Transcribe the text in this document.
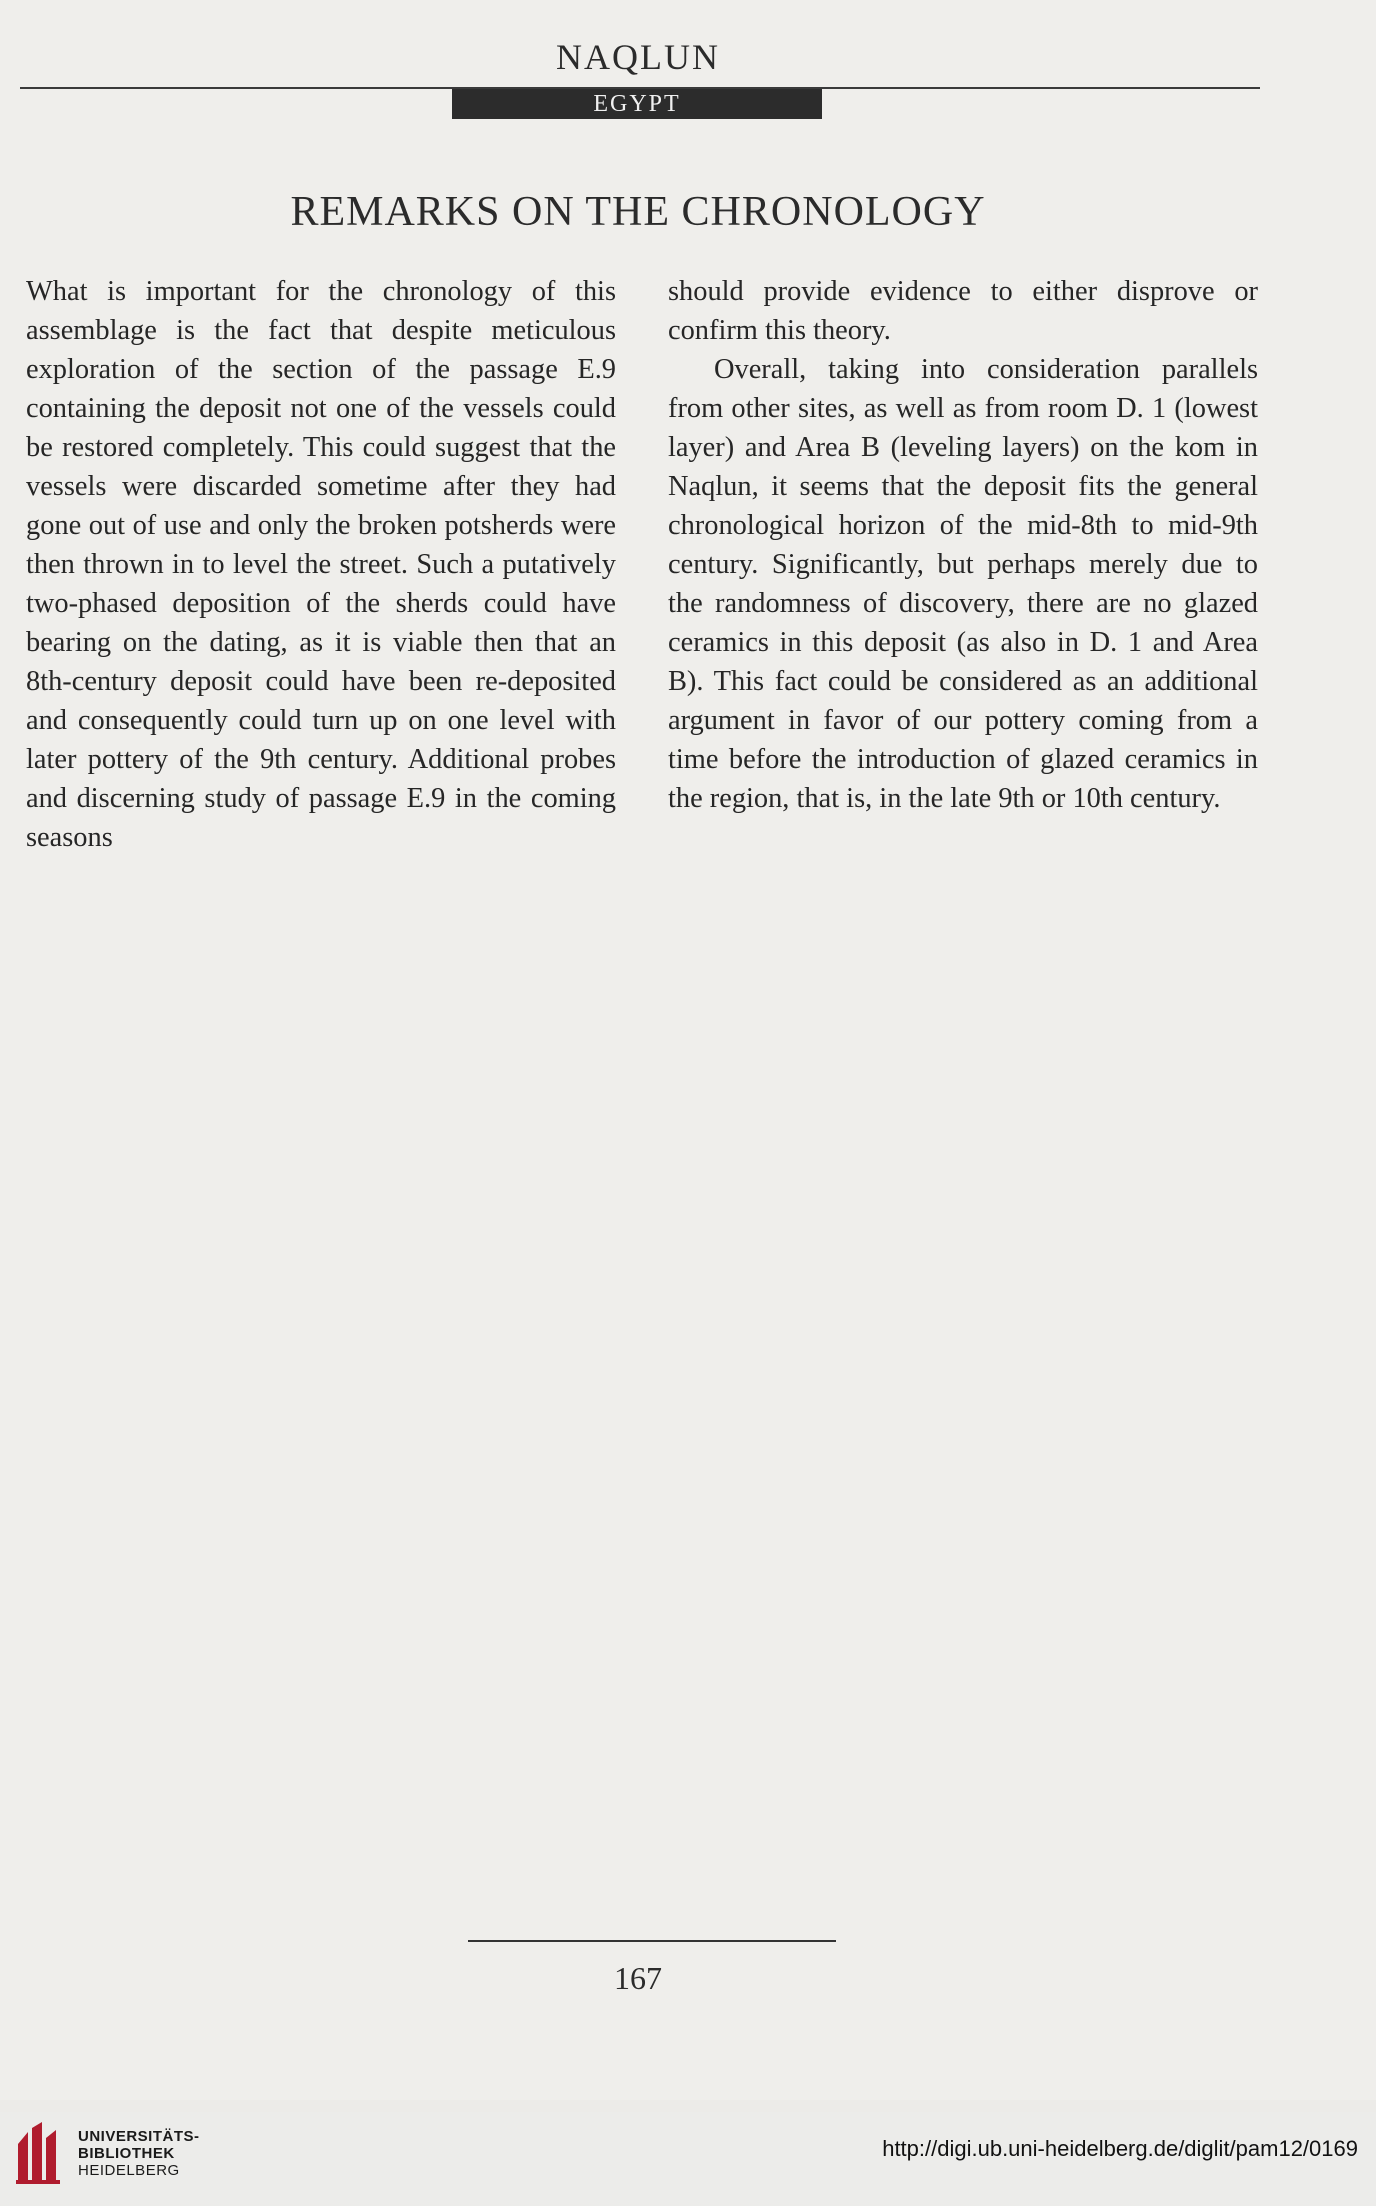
NAQLUN
EGYPT
REMARKS ON THE CHRONOLOGY

What is important for the chronology of this assemblage is the fact that despite meticulous exploration of the section of the passage E.9 containing the deposit not one of the vessels could be restored completely. This could suggest that the vessels were discarded sometime after they had gone out of use and only the broken potsherds were then thrown in to level the street. Such a putatively two-phased deposition of the sherds could have bearing on the dating, as it is viable then that an 8th-century deposit could have been re-deposited and consequently could turn up on one level with later pottery of the 9th century. Additional probes and discerning study of passage E.9 in the coming seasons

should provide evidence to either disprove or confirm this theory.

Overall, taking into consideration parallels from other sites, as well as from room D. 1 (lowest layer) and Area B (leveling layers) on the kom in Naqlun, it seems that the deposit fits the general chronological horizon of the mid-8th to mid-9th century. Significantly, but perhaps merely due to the randomness of discovery, there are no glazed ceramics in this deposit (as also in D. 1 and Area B). This fact could be considered as an additional argument in favor of our pottery coming from a time before the introduction of glazed ceramics in the region, that is, in the late 9th or 10th century.

167
UNIVERSITÄTS-
BIBLIOTHEK
HEIDELBERG
http://digi.ub.uni-heidelberg.de/diglit/pam12/0169
